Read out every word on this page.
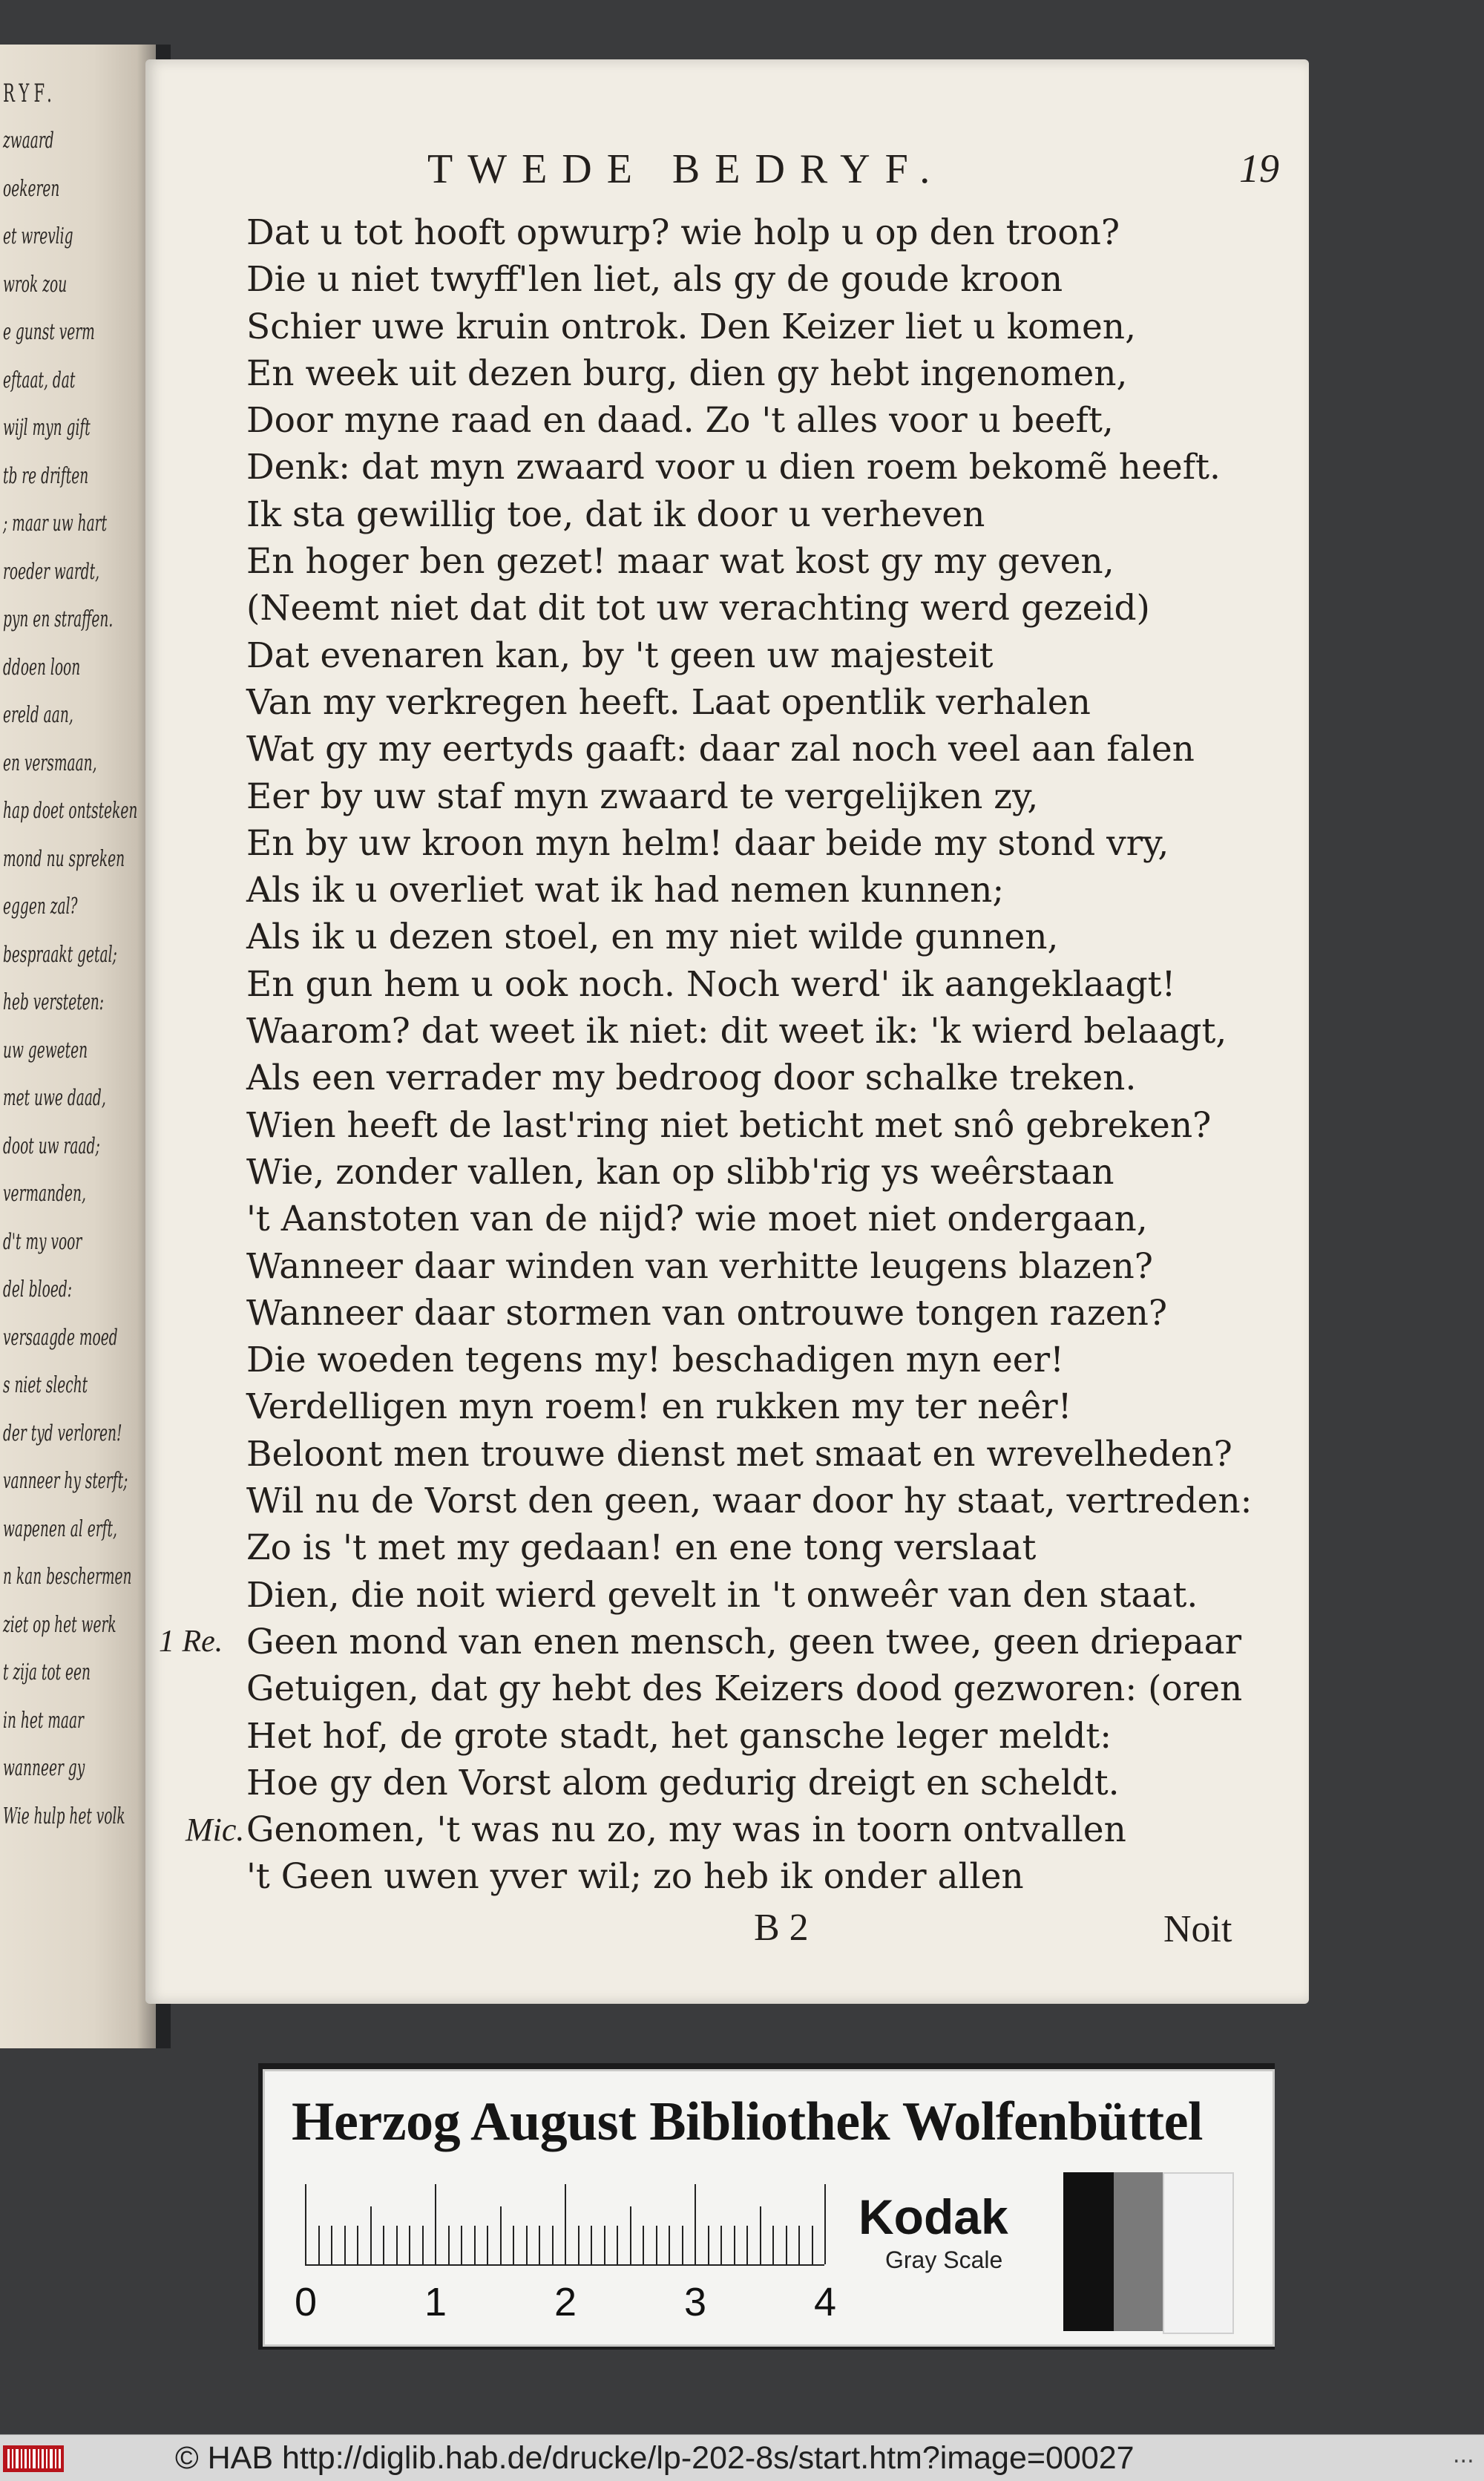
RYF.
zwaard
oekeren
et wrevlig
wrok zou
e gunst verm
eftaat, dat
wijl myn gift
tb re driften
; maar uw hart
roeder wardt,
pyn en straffen.
ddoen loon
ereld aan,
en versmaan,
hap doet ontsteken
mond nu spreken
eggen zal?
bespraakt getal;
heb versteten:
uw geweten
met uwe daad,
doot uw raad;
vermanden,
d't my voor
del bloed:
versaagde moed
s niet slecht
der tyd verloren!
vanneer hy sterft;
wapenen al erft,
n kan beschermen
ziet op het werk
t zija tot een
in het maar
wanneer gy
Wie hulp het volk
TWEDE BEDRYF.	19
Dat u tot hooft opwurp? wie holp u op den troon?
Die u niet twyff'len liet, als gy de goude kroon
Schier uwe kruin ontrok. Den Keizer liet u komen,
En week uit dezen burg, dien gy hebt ingenomen,
Door myne raad en daad. Zo 't alles voor u beeft,
Denk: dat myn zwaard voor u dien roem bekomẽ heeft.
Ik sta gewillig toe, dat ik door u verheven
En hoger ben gezet! maar wat kost gy my geven,
(Neemt niet dat dit tot uw verachting werd gezeid)
Dat evenaren kan, by 't geen uw majesteit
Van my verkregen heeft. Laat opentlik verhalen
Wat gy my eertyds gaaft: daar zal noch veel aan falen
Eer by uw staf myn zwaard te vergelijken zy,
En by uw kroon myn helm! daar beide my stond vry,
Als ik u overliet wat ik had nemen kunnen;
Als ik u dezen stoel, en my niet wilde gunnen,
En gun hem u ook noch. Noch werd' ik aangeklaagt!
Waarom? dat weet ik niet: dit weet ik: 'k wierd belaagt,
Als een verrader my bedroog door schalke treken.
Wien heeft de last'ring niet beticht met snô gebreken?
Wie, zonder vallen, kan op slibb'rig ys weêrstaan
't Aanstoten van de nijd? wie moet niet ondergaan,
Wanneer daar winden van verhitte leugens blazen?
Wanneer daar stormen van ontrouwe tongen razen?
Die woeden tegens my! beschadigen myn eer!
Verdelligen myn roem! en rukken my ter neêr!
Beloont men trouwe dienst met smaat en wrevelheden?
Wil nu de Vorst den geen, waar door hy staat, vertreden:
Zo is 't met my gedaan! en ene tong verslaat
Dien, die noit wierd gevelt in 't onweêr van den staat.
1 Re. Geen mond van enen mensch, geen twee, geen driepaar
Getuigen, dat gy hebt des Keizers dood gezworen: (oren
Het hof, de grote stadt, het gansche leger meldt:
Hoe gy den Vorst alom gedurig dreigt en scheldt.
Mic. Genomen, 't was nu zo, my was in toorn ontvallen
't Geen uwen yver wil; zo heb ik onder allen
B 2	Noit
Herzog August Bibliothek Wolfenbüttel
Kodak
Gray Scale
0	1	2	3	4
© HAB http://diglib.hab.de/drucke/lp-202-8s/start.htm?image=00027	...
